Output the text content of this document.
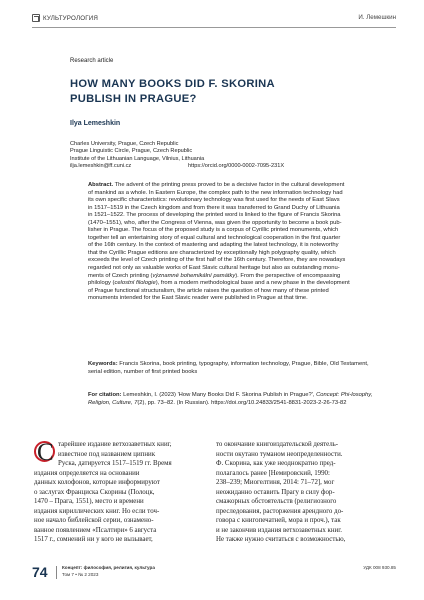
КУЛЬТУРОЛОГИЯ	И. Лемешкин
Research article
HOW MANY BOOKS DID F. SKORINA
PUBLISH IN PRAGUE?
Ilya Lemeshkin
Charles University, Prague, Czech Republic
Prague Linguistic Circle, Prague, Czech Republic
Institute of the Lithuanian Language, Vilnius, Lithuania
ilja.lemeshkin@ff.cuni.cz	https://orcid.org/0000-0002-7095-231X
Abstract. The advent of the printing press proved to be a decisive factor in the cultural development
of mankind as a whole. In Eastern Europe, the complex path to the new information technology had
its own specific characteristics: revolutionary technology was first used for the needs of East Slavs
in 1517–1519 in the Czech kingdom and from there it was transferred to Grand Duchy of Lithuania
in 1521–1522. The process of developing the printed word is linked to the figure of Francis Skorina
(1470–1551), who, after the Congress of Vienna, was given the opportunity to become a book pub-
lisher in Prague. The focus of the proposed study is a corpus of Cyrillic printed monuments, which
together tell an entertaining story of equal cultural and technological cooperation in the first quarter
of the 16th century. In the context of mastering and adapting the latest technology, it is noteworthy
that the Cyrillic Prague editions are characterized by exceptionally high polygraphy quality, which
exceeds the level of Czech printing of the first half of the 16th century. Therefore, they are nowadays
regarded not only as valuable works of East Slavic cultural heritage but also as outstanding monu-
ments of Czech printing (významné bohemikální památky). From the perspective of encompassing
philology (celostní filologie), from a modern methodological base and a new phase in the development
of Prague functional structuralism, the article raises the question of how many of these printed
monuments intended for the East Slavic reader were published in Prague at that time.
Keywords: Francis Skorina, book printing, typography, information technology, Prague, Bible, Old Testament, serial edition, number of first printed books
For citation: Lemeshkin, I. (2023) 'How Many Books Did F. Skorina Publish in Prague?', Concept: Phi-losophy, Religion, Culture, 7(2), pp. 73–82. (In Russian). https://doi.org/10.24833/2541-8831-2023-2-26-73-82
С тарейшее издание ветхозаветных книг,
известное под названием ципник
Руска, датируется 1517–1519 гг. Время
издания определяется на основании
данных колофонов, которые информируют
о заслугах Франциска Скорины (Полоцк,
1470 – Прага, 1551), место и времени
издания кириллических книг. Но если точ-
ное начало библейской серии, ознамено-
ванное появлением «Псалтири» 6 августа
1517 г., сомнений ни у кого не вызывает,
то окончание книгоиздательской деятель-
ности окутано туманом неопределенности.
Ф. Скорина, как уже неоднократно пред-
полагалось ранее [Немировский, 1990:
238–239; Миогелтиня, 2014: 71–72], мог
неожиданно оставить Прагу в силу фор-
смажорных обстоятельств (религиозного
преследования, расторжения арендного до-
говора с книгопечатней, мора и проч.), так
и не закончив издания ветхозаветных книг.
Не также нужно считаться с возможностью,
74	Концепт: философия, религия, культура
Том 7 • № 2 2023
УДК 008 930.85
